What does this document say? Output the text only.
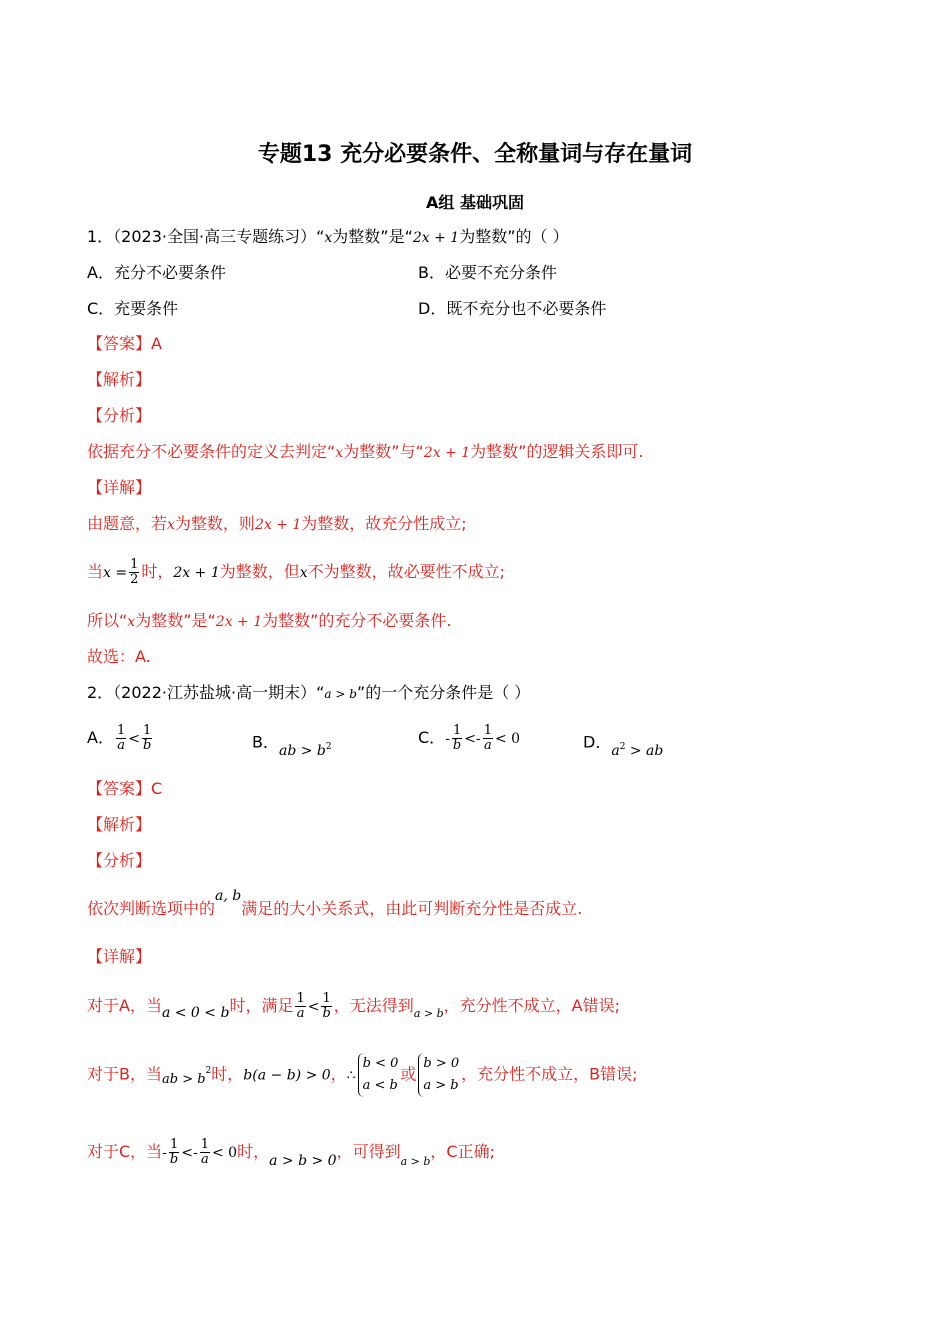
专题13 充分必要条件、全称量词与存在量词
A组 基础巩固
1．（2023·全国·高三专题练习）“x为整数”是“2x + 1为整数”的（ ）
A．充分不必要条件	B．必要不充分条件
C．充要条件	D．既不充分也不必要条件
【答案】A
【解析】
【分析】
依据充分不必要条件的定义去判定“x为整数”与“2x + 1为整数”的逻辑关系即可.
【详解】
由题意，若x为整数，则2x + 1为整数，故充分性成立;
当$x = \frac{1}{2}$ 时，2x + 1为整数，但x不为整数，故必要性不成立;
所以“x为整数”是“2x + 1为整数”的充分不必要条件.
故选：A.
2．（2022·江苏盐城·高一期末）“a > b”的一个充分条件是（ ）
A． $\frac{1}{a} < \frac{1}{b}$	B．ab > $b^2$	C．- $\frac{1}{b} <- \frac{1}{a} < 0$	D．$a^2$ > ab
【答案】C
【解析】
【分析】
依次判断选项中的a, b满足的大小关系式，由此可判断充分性是否成立.
【详解】
对于A，当a < 0 < b时，满足 $\frac{1}{a} < \frac{1}{b}$ ，无法得到$_{a > b}$，充分性不成立，A错误;
对于B，当$_{ab > b}^2$时，b(a − b) > 0，∴
b < 0
a < b
或
b > 0
a > b
，充分性不成立，B错误;
对于C，当- $\frac{1}{b} <- \frac{1}{a} < 0$时，a > b > 0，可得到$_{a > b}$，C正确;
